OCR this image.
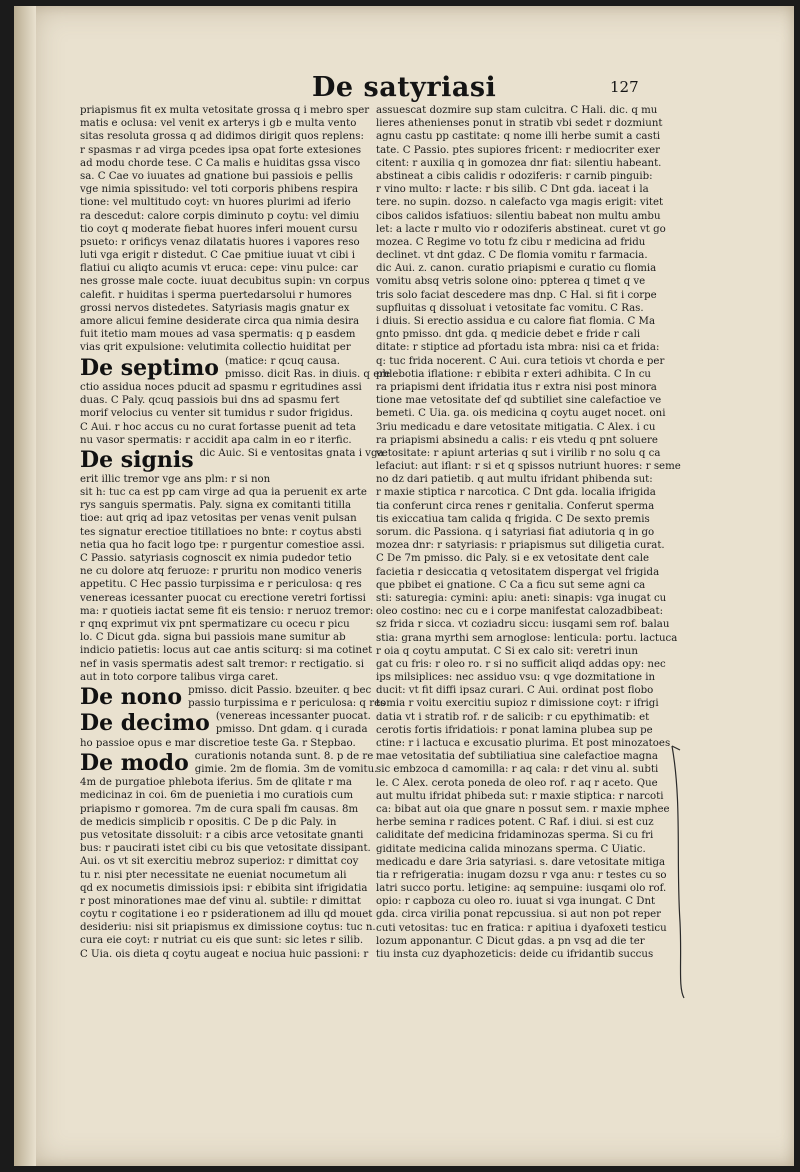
De satyriasi	127
priapismus fit ex multa vetositate grossa q i mebro sper
matis e oclusa: vel venit ex arterys i gb e multa vento
sitas resoluta grossa q ad didimos dirigit quos replens:
r spasmas r ad virga pcedes ipsa opat forte extesiones
ad modu chorde tese. C Ca malis e huiditas gssa visco
sa. C Cae vo iuuates ad gnatione bui passiois e pellis
vge nimia spissitudo: vel toti corporis phibens respira
tione: vel multitudo coyt: vn huores plurimi ad iferio
ra descedut: calore corpis diminuto p coytu: vel dimiu
tio coyt q moderate fiebat huores inferi mouent cursu
psueto: r orificys venaz dilatatis huores i vapores reso
luti vga erigit r distedut. C Cae pmitiue iuuat vt cibi i
flatiui cu aliqto acumis vt eruca: cepe: vinu pulce: car
nes grosse male cocte. iuuat decubitus supin: vn corpus
calefit. r huiditas i sperma puertedarsolui r humores
grossi nervos distedetes. Satyriasis magis gnatur ex
amore alicui femine desiderate circa qua nimia desira
fuit itetio mam moues ad vasa spermatis: q p easdem
vias qrit expulsione: velutimita collectio huiditat per
De septimo (matice: r qcuq causa.
pmisso. dicit Ras. in diuis. q ere
ctio assidua noces pducit ad spasmu r egritudines assi
duas. C Paly. qcuq passiois bui dns ad spasmu fert
morif velocius cu venter sit tumidus r sudor frigidus.
C Aui. r hoc accus cu no curat fortasse puenit ad teta
nu vasor spermatis: r accidit apa calm in eo r iterfic.
De signis dic Auic. Si e ventositas gnata i vga
erit illic tremor vge ans plm: r si non
sit h: tuc ca est pp cam virge ad qua ia peruenit ex arte
rys sanguis spermatis. Paly. signa ex comitanti titilla
tioe: aut qriq ad ipaz vetositas per venas venit pulsan
tes signatur erectioe titillatioes no bnte: r coytus absti
netia qua ho facit logo tpe: r purgentur comestioe assi.
C Passio. satyriasis cognoscit ex nimia pudedor tetio
ne cu dolore atq feruoze: r pruritu non modico veneris
appetitu. C Hec passio turpissima e r periculosa: q res
venereas icessanter puocat cu erectione veretri fortissi
ma: r quotieis iactat seme fit eis tensio: r neruoz tremor:
r qnq exprimut vix pnt spermatizare cu ocecu r picu
lo. C Dicut gda. signa bui passiois mane sumitur ab
indicio patietis: locus aut cae antis sciturq: si ma cotinet
nef in vasis spermatis adest salt tremor: r rectigatio. si
aut in toto corpore talibus virga caret.
De nono pmisso. dicit Passio. bzeuiter. q bec
passio turpissima e r periculosa: q res
De decimo (venereas incessanter puocat.
pmisso. Dnt gdam. q i curada
ho passioe opus e mar discretioe teste Ga. r Stepbao.
De modo curationis notanda sunt. 8. p de re
gimie. 2m de flomia. 3m de vomitu.
4m de purgatioe phlebota iferius. 5m de qlitate r ma
medicinaz in coi. 6m de puenietia i mo curatiois cum
priapismo r gomorea. 7m de cura spali fm causas. 8m
de medicis simplicib r opositis. C De p dic Paly. in
pus vetositate dissoluit: r a cibis arce vetositate gnanti
bus: r paucirati istet cibi cu bis que vetositate dissipant.
Aui. os vt sit exercitiu mebroz superioz: r dimittat coy
tu r. nisi pter necessitate ne eueniat nocumetum ali
qd ex nocumetis dimissiois ipsi: r ebibita sint ifrigidatia
r post minorationes mae def vinu al. subtile: r dimittat
coytu r cogitatione i eo r psiderationem ad illu qd mouet
desideriu: nisi sit priapismus ex dimissione coytus: tuc n.
cura eie coyt: r nutriat cu eis que sunt: sic letes r silib.
C Uia. ois dieta q coytu augeat e nociua huic passioni: r
assuescat dozmire sup stam culcitra. C Hali. dic. q mu
lieres athenienses ponut in stratib vbi sedet r dozmiunt
agnu castu pp castitate: q nome illi herbe sumit a casti
tate. C Passio. ptes supiores fricent: r mediocriter exer
citent: r auxilia q in gomozea dnr fiat: silentiu habeant.
abstineat a cibis calidis r odoziferis: r carnib pinguib:
r vino multo: r lacte: r bis silib. C Dnt gda. iaceat i la
tere. no supin. dozso. n calefacto vga magis erigit: vitet
cibos calidos isfatiuos: silentiu babeat non multu ambu
let: a lacte r multo vio r odoziferis abstineat. curet vt go
mozea. C Regime vo totu fz cibu r medicina ad fridu
declinet. vt dnt gdaz. C De flomia vomitu r farmacia.
dic Aui. z. canon. curatio priapismi e curatio cu flomia
vomitu absq vetris solone oino: ppterea q timet q ve
tris solo faciat descedere mas dnp. C Hal. si fit i corpe
supfluitas q dissoluat i vetositate fac vomitu. C Ras.
i diuis. Si erectio assidua e cu calore fiat flomia. C Ma
gnto pmisso. dnt gda. q medicie debet e fride r cali
ditate: r stiptice ad pfortadu ista mbra: nisi ca et frida:
q: tuc frida nocerent. C Aui. cura tetiois vt chorda e per
phlebotia iflatione: r ebibita r exteri adhibita. C In cu
ra priapismi dent ifridatia itus r extra nisi post minora
tione mae vetositate def qd subtiliet sine calefactioe ve
bemeti. C Uia. ga. ois medicina q coytu auget nocet. oni
3riu medicadu e dare vetositate mitigatia. C Alex. i cu
ra priapismi absinedu a calis: r eis vtedu q pnt soluere
vetositate: r apiunt arterias q sut i virilib r no solu q ca
lefaciut: aut iflant: r si et q spissos nutriunt huores: r seme
no dz dari patietib. q aut multu ifridant phibenda sut:
r maxie stiptica r narcotica. C Dnt gda. localia ifrigida
tia conferunt circa renes r genitalia. Conferut sperma
tis exiccatiua tam calida q frigida. C De sexto premis
sorum. dic Passiona. q i satyriasi fiat adiutoria q in go
mozea dnr: r satyriasis: r priapismus sut diligetia curat.
C De 7m pmisso. dic Paly. si e ex vetositate dent cale
facietia r desiccatia q vetositatem dispergat vel frigida
que pbibet ei gnatione. C Ca a ficu sut seme agni ca
sti: saturegia: cymini: apiu: aneti: sinapis: vga inugat cu
oleo costino: nec cu e i corpe manifestat calozadbibeat:
sz frida r sicca. vt coziadru siccu: iusqami sem rof. balau
stia: grana myrthi sem arnoglose: lenticula: portu. lactuca
r oia q coytu amputat. C Si ex calo sit: veretri inun
gat cu fris: r oleo ro. r si no sufficit aliqd addas opy: nec
ips milsiplices: nec assiduo vsu: q vge dozmitatione in
ducit: vt fit diffi ipsaz curari. C Aui. ordinat post flobo
tomia r voitu exercitiu supioz r dimissione coyt: r ifrigi
datia vt i stratib rof. r de salicib: r cu epythimatib: et
cerotis fortis ifridatiois: r ponat lamina plubea sup pe
ctine: r i lactuca e excusatio plurima. Et post minozatoes
mae vetositatia def subtiliatiua sine calefactioe magna
sic embzoca d camomilla: r aq cala: r det vinu al. subti
le. C Alex. cerota poneda de oleo rof. r aq r aceto. Que
aut multu ifridat phibeda sut: r maxie stiptica: r narcoti
ca: bibat aut oia que gnare n possut sem. r maxie mphee
herbe semina r radices potent. C Raf. i diui. si est cuz
caliditate def medicina fridaminozas sperma. Si cu fri
giditate medicina calida minozans sperma. C Uiatic.
medicadu e dare 3ria satyriasi. s. dare vetositate mitiga
tia r refrigeratia: inugam dozsu r vga anu: r testes cu so
latri succo portu. letigine: aq sempuine: iusqami olo rof.
opio: r capboza cu oleo ro. iuuat si vga inungat. C Dnt
gda. circa virilia ponat repcussiua. si aut non pot reper
cuti vetositas: tuc en fratica: r apitiua i dyafoxeti testicu
lozum apponantur. C Dicut gdas. a pn vsq ad die ter
tiu insta cuz dyaphozeticis: deide cu ifridantib succus
